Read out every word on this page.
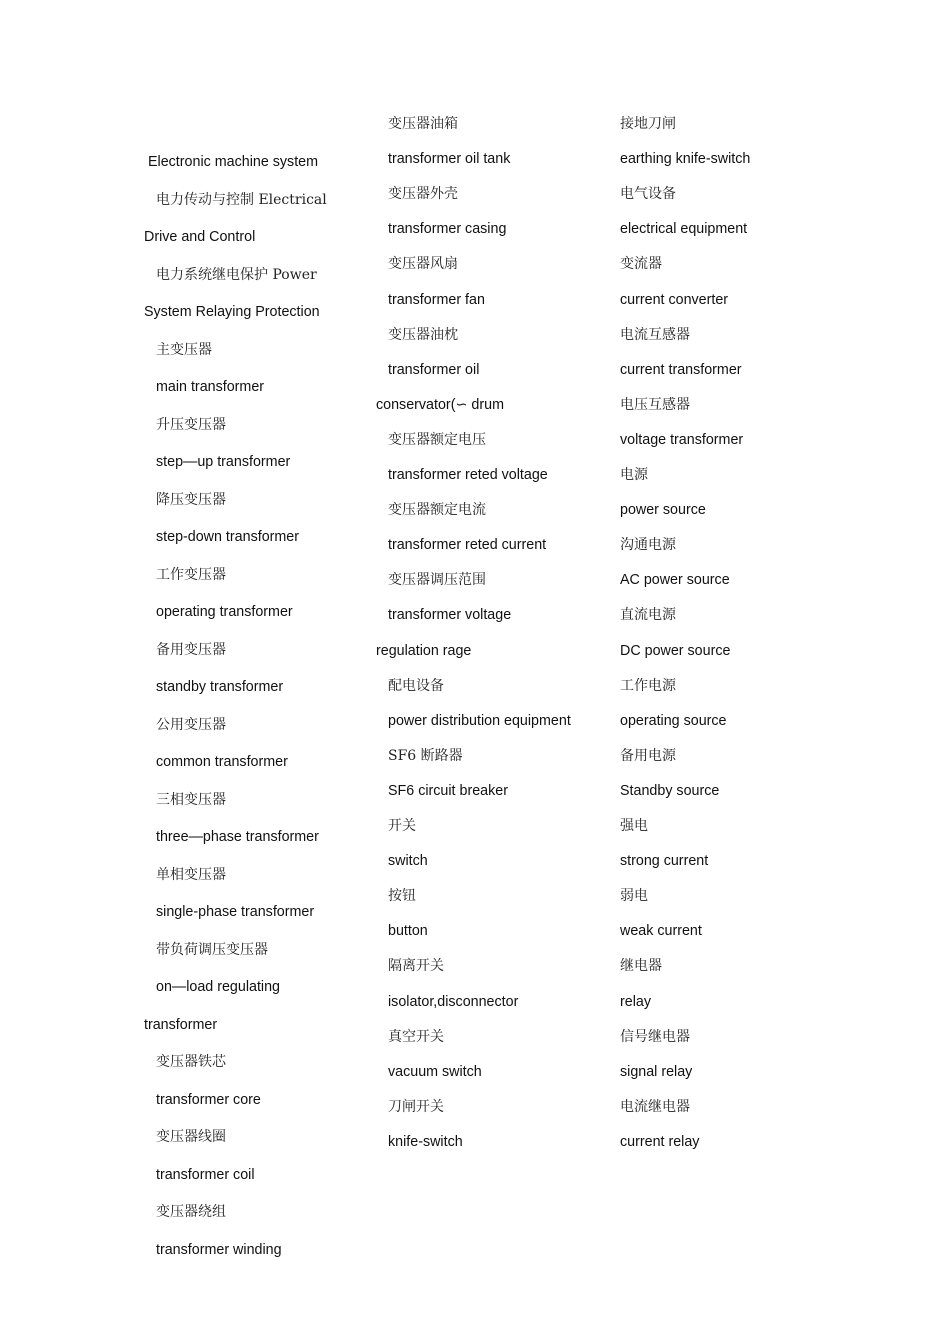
Electronic machine system
电力传动与控制 Electrical
Drive and Control
电力系统继电保护 Power
System Relaying Protection
主变压器
main transformer
升压变压器
step—up transformer
降压变压器
step-down transformer
工作变压器
operating transformer
备用变压器
standby transformer
公用变压器
common transformer
三相变压器
three—phase transformer
单相变压器
single-phase transformer
带负荷调压变压器
on—load regulating
transformer
变压器铁芯
transformer core
变压器线圈
transformer coil
变压器绕组
transformer winding
变压器油箱
transformer oil tank
变压器外壳
transformer casing
变压器风扇
transformer fan
变压器油枕
transformer oil
conservator(∽ drum
变压器额定电压
transformer reted voltage
变压器额定电流
transformer reted current
变压器调压范围
transformer voltage
regulation rage
配电设备
power distribution equipment
SF6 断路器
SF6 circuit breaker
开关
switch
按钮
button
隔离开关
isolator,disconnector
真空开关
vacuum switch
刀闸开关
knife-switch
接地刀闸
earthing knife-switch
电气设备
electrical equipment
变流器
current converter
电流互感器
current transformer
电压互感器
voltage transformer
电源
power source
沟通电源
AC power source
直流电源
DC power source
工作电源
operating source
备用电源
Standby source
强电
strong current
弱电
weak current
继电器
relay
信号继电器
signal relay
电流继电器
current relay
